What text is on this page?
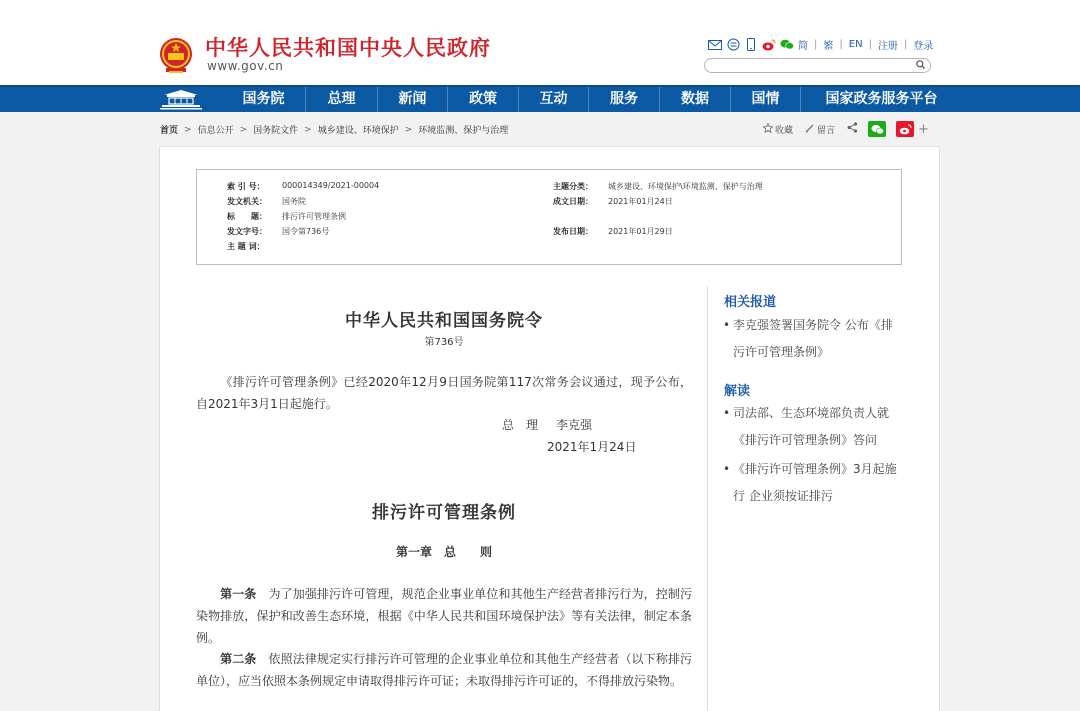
中华人民共和国中央人民政府
www.gov.cn
简 | 繁 | EN | 注册 | 登录
国务院	总理	新闻	政策	互动	服务	数据	国情	国家政务服务平台
首页 > 信息公开 > 国务院文件 > 城乡建设、环境保护 > 环境监测、保护与治理	收藏	留言	+
索 引 号：	000014349/2021-00004
发文机关：	国务院
标　　题：	排污许可管理条例
发文字号：	国令第736号
主 题 词：
主题分类：	城乡建设、环境保护\环境监测、保护与治理
成文日期：	2021年01月24日
发布日期：	2021年01月29日
中华人民共和国国务院令
第736号
《排污许可管理条例》已经2020年12月9日国务院第117次常务会议通过，现予公布，自2021年3月1日起施行。
总　理 李克强
2021年1月24日
排污许可管理条例
第一章　总　　则
第一条　 为了加强排污许可管理，规范企业事业单位和其他生产经营者排污行为，控制污染物排放，保护和改善生态环境，根据《中华人民共和国环境保护法》等有关法律，制定本条例。
第二条　 依照法律规定实行排污许可管理的企业事业单位和其他生产经营者（以下称排污单位），应当依照本条例规定申请取得排污许可证；未取得排污许可证的，不得排放污染物。
相关报道
• 李克强签署国务院令 公布《排
污许可管理条例》
解读
• 司法部、生态环境部负责人就
《排污许可管理条例》答问
• 《排污许可管理条例》3月起施
行 企业须按证排污
